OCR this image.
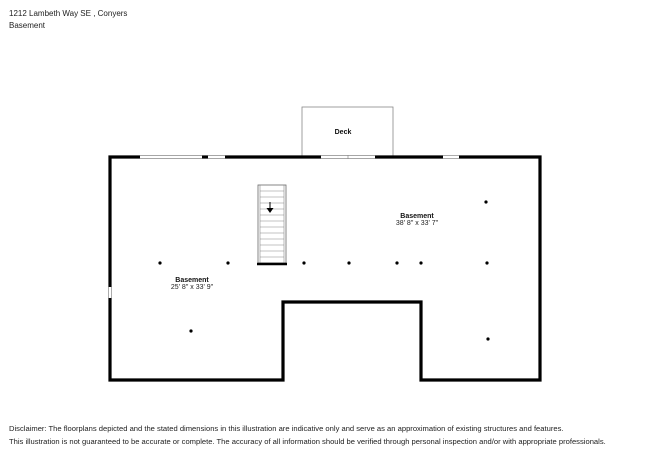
1212 Lambeth Way SE , Conyers
Basement
Deck
Basement
38' 8" x 33' 7"
Basement
25' 8" x 33' 9"
Disclaimer: The floorplans depicted and the stated dimensions in this illustration are indicative only and serve as an approximation of existing structures and features.
This illustration is not guaranteed to be accurate or complete. The accuracy of all information should be verified through personal inspection and/or with appropriate professionals.
